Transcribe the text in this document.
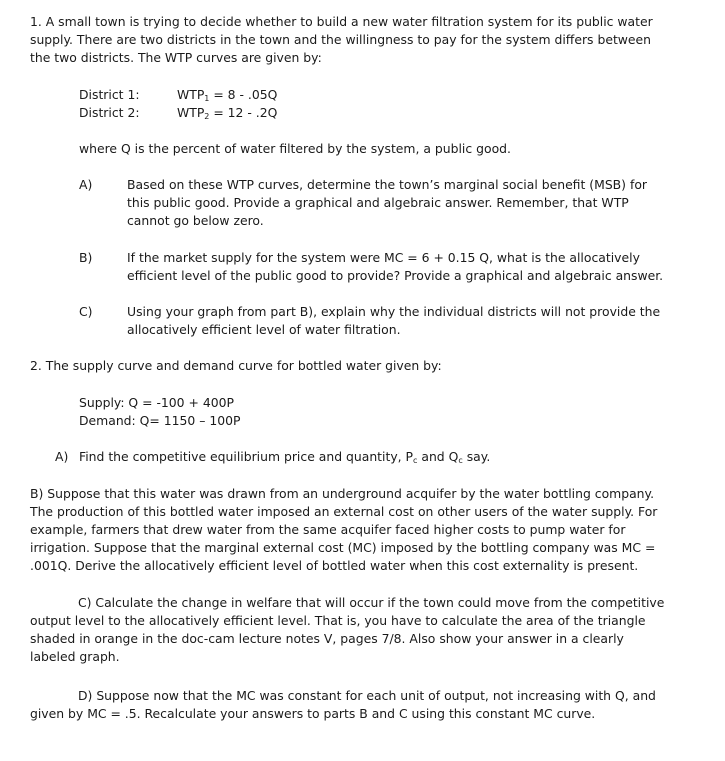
1. A small town is trying to decide whether to build a new water filtration system for its public water supply. There are two districts in the town and the willingness to pay for the system differs between the two districts. The WTP curves are given by:

District 1:	$WTP_1 = 8 - .05Q$
District 2:	$WTP_2 = 12 - .2Q$
where Q is the percent of water filtered by the system, a public good.
A)	Based on these WTP curves, determine the town’s marginal social benefit (MSB) for this public good. Provide a graphical and algebraic answer. Remember, that WTP cannot go below zero.

B)	If the market supply for the system were MC = 6 + 0.15 Q, what is the allocatively efficient level of the public good to provide? Provide a graphical and algebraic answer.

C)	Using your graph from part B), explain why the individual districts will not provide the allocatively efficient level of water filtration.

2. The supply curve and demand curve for bottled water given by:
Supply: Q = -100 + 400P
Demand: Q= 1150 – 100P
A) Find the competitive equilibrium price and quantity, $P_c$ and $Q_c$ say.

B) Suppose that this water was drawn from an underground acquifer by the water bottling company. The production of this bottled water imposed an external cost on other users of the water supply. For example, farmers that drew water from the same acquifer faced higher costs to pump water for irrigation. Suppose that the marginal external cost (MC) imposed by the bottling company was MC = .001Q. Derive the allocatively efficient level of bottled water when this cost externality is present.

C) Calculate the change in welfare that will occur if the town could move from the competitive output level to the allocatively efficient level. That is, you have to calculate the area of the triangle shaded in orange in the doc-cam lecture notes V, pages 7/8. Also show your answer in a clearly labeled graph.

D) Suppose now that the MC was constant for each unit of output, not increasing with Q, and given by MC = .5. Recalculate your answers to parts B and C using this constant MC curve.
